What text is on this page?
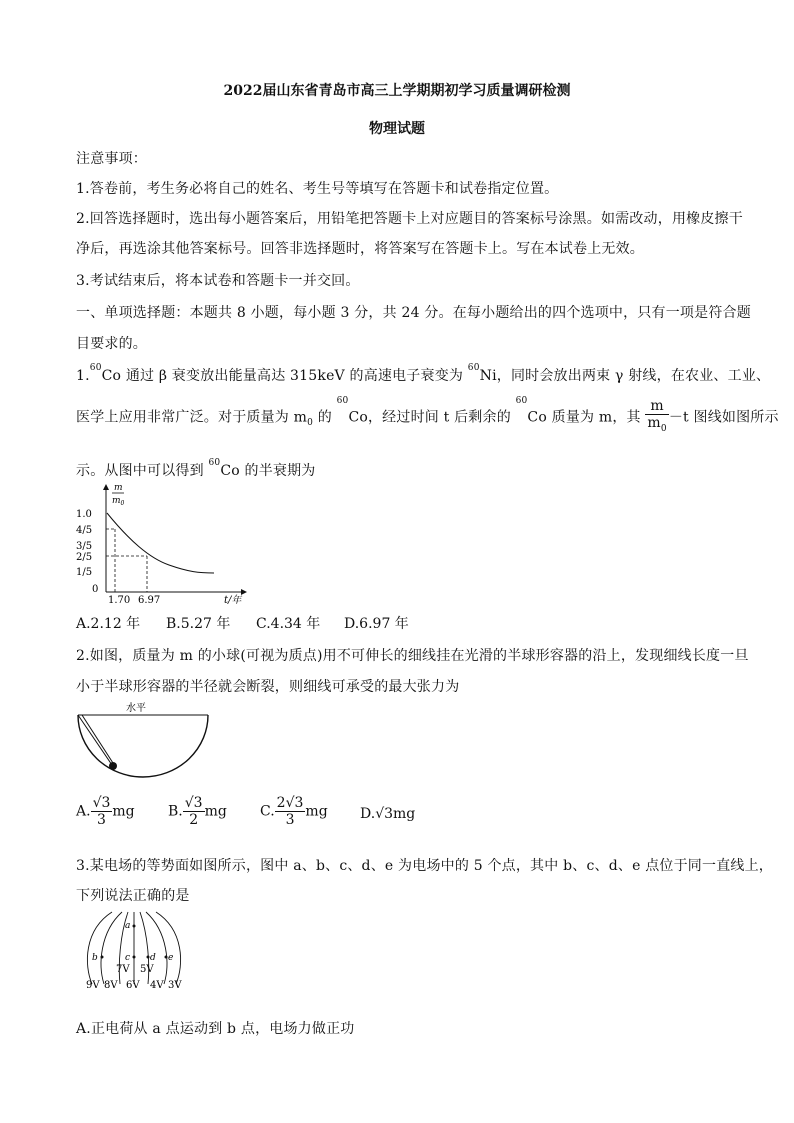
2022届山东省青岛市高三上学期期初学习质量调研检测
物理试题
注意事项：
1.答卷前，考生务必将自己的姓名、考生号等填写在答题卡和试卷指定位置。
2.回答选择题时，选出每小题答案后，用铅笔把答题卡上对应题目的答案标号涂黑。如需改动，用橡皮擦干
净后，再选涂其他答案标号。回答非选择题时，将答案写在答题卡上。写在本试卷上无效。
3.考试结束后，将本试卷和答题卡一并交回。
一、单项选择题：本题共 8 小题，每小题 3 分，共 24 分。在每小题给出的四个选项中，只有一项是符合题
目要求的。
1.60Co 通过 β 衰变放出能量高达 315keV 的高速电子衰变为 $^{60}$Ni，同时会放出两束 γ 射线，在农业、工业、
医学上应用非常广泛。对于质量为 $m_0$ 的 $^{60}$Co，经过时间 t 后剩余的 $^{60}$Co 质量为 m，其 $\frac{m}{m_0} -t$ 图线如图所示
示。从图中可以得到 $^{60}$Co 的半衰期为
m
$m_0$
1.0
4/5
3/5
2/5
1/5
0
1.70 6.97	t/年
A.2.12 年 B.5.27 年 C.4.34 年 D.6.97 年
2.如图，质量为 m 的小球(可视为质点)用不可伸长的细线挂在光滑的半球形容器的沿上，发现细线长度一旦
小于半球形容器的半径就会断裂，则细线可承受的最大张力为
水平
A. $\frac{√3}{3}$ mg B. $\frac{√3}{2}$ mg C. $\frac{2√3}{3}$ mg D.√3mg
3.某电场的等势面如图所示，图中 a、b、c、d、e 为电场中的 5 个点，其中 b、c、d、e 点位于同一直线上，
下列说法正确的是
a
b	c d e
7V 5V
9V 8V 6V 4V 3V
A.正电荷从 a 点运动到 b 点，电场力做正功
